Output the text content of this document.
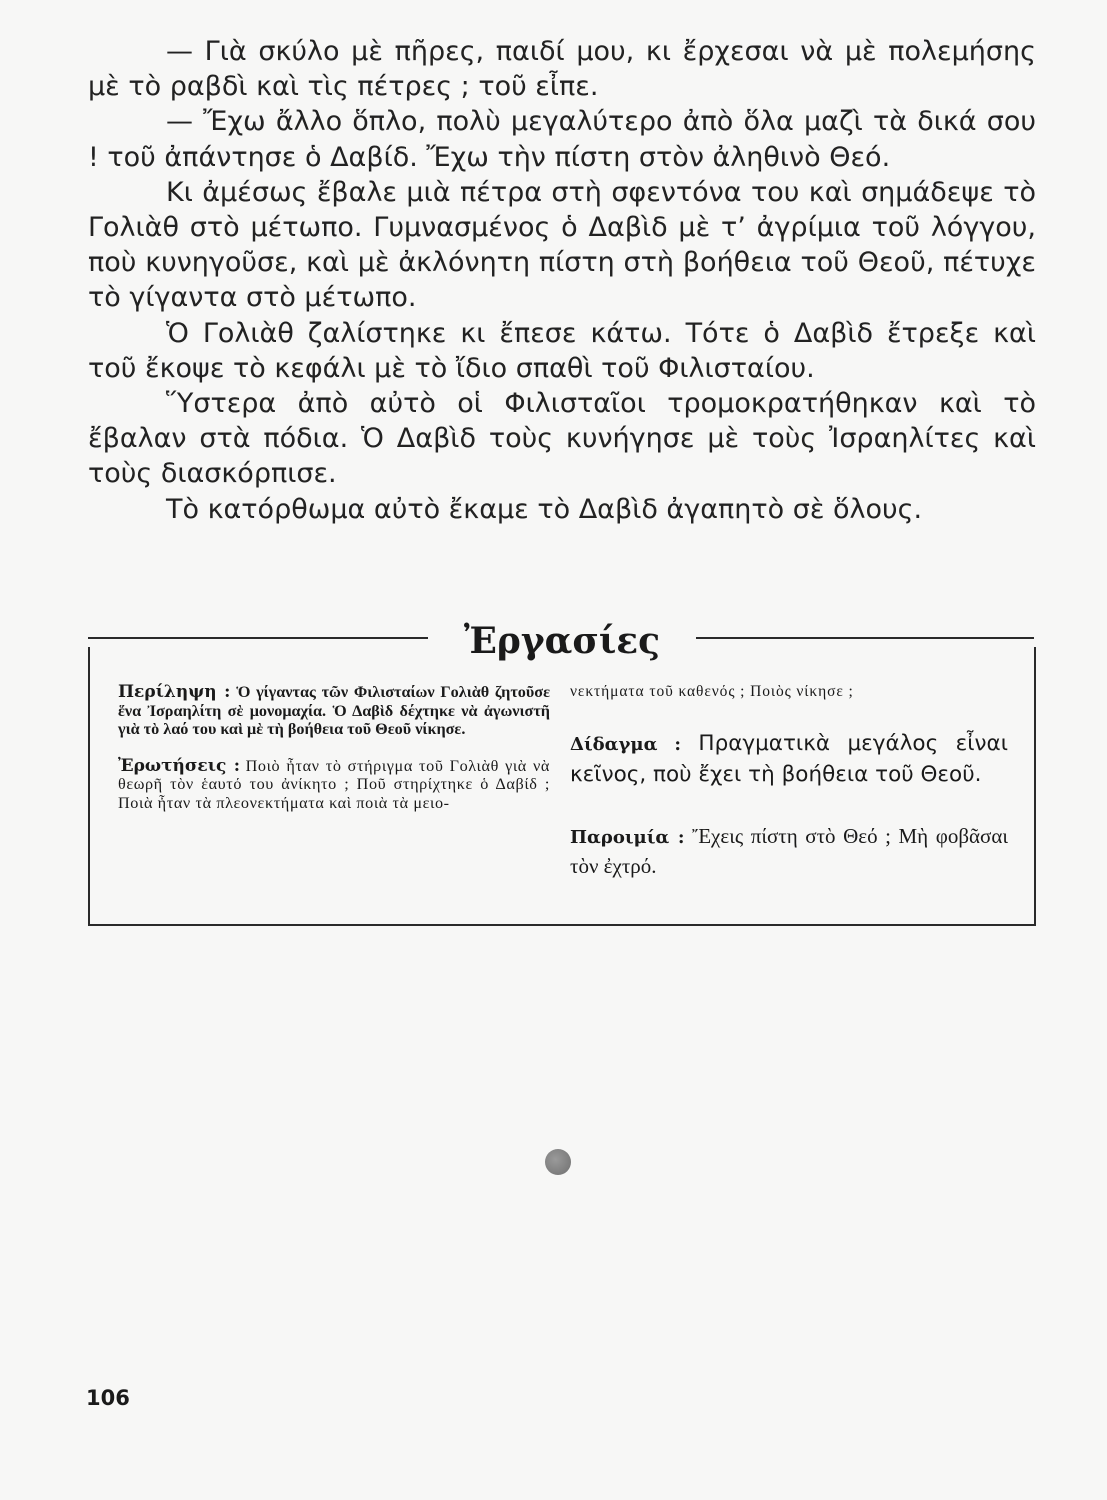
— Γιὰ σκύλο μὲ πῆρες, παιδί μου, κι ἔρχεσαι νὰ μὲ πολεμήσης μὲ τὸ ραβδὶ καὶ τὶς πέτρες ; τοῦ εἶπε.

— Ἔχω ἄλλο ὅπλο, πολὺ μεγαλύτερο ἀπὸ ὅλα μαζὶ τὰ δικά σου ! τοῦ ἀπάντησε ὁ Δαβίδ. Ἔχω τὴν πίστη στὸν ἀληθινὸ Θεό.

Κι ἀμέσως ἔβαλε μιὰ πέτρα στὴ σφεντόνα του καὶ σημάδεψε τὸ Γολιὰθ στὸ μέτωπο. Γυμνασμένος ὁ Δαβὶδ μὲ τ’ ἀγρίμια τοῦ λόγγου, ποὺ κυνηγοῦσε, καὶ μὲ ἀκλόνητη πίστη στὴ βοήθεια τοῦ Θεοῦ, πέτυχε τὸ γίγαντα στὸ μέτωπο.

Ὁ Γολιὰθ ζαλίστηκε κι ἔπεσε κάτω. Τότε ὁ Δαβὶδ ἔτρεξε καὶ τοῦ ἔκοψε τὸ κεφάλι μὲ τὸ ἴδιο σπαθὶ τοῦ Φιλισταίου.

Ὕστερα ἀπὸ αὐτὸ οἱ Φιλισταῖοι τρομοκρατήθηκαν καὶ τὸ ἔβαλαν στὰ πόδια. Ὁ Δαβὶδ τοὺς κυνήγησε μὲ τοὺς Ἰσραηλίτες καὶ τοὺς διασκόρπισε.

Τὸ κατόρθωμα αὐτὸ ἔκαμε τὸ Δαβὶδ ἀγαπητὸ σὲ ὅλους.

Περίληψη : Ὁ γίγαντας τῶν Φιλισταίων Γολιὰθ ζητοῦσε ἕνα Ἰσραηλίτη σὲ μονομαχία. Ὁ Δαβὶδ δέχτηκε νὰ ἀγωνιστῆ γιὰ τὸ λαό του καὶ μὲ τὴ βοήθεια τοῦ Θεοῦ νίκησε.

Ἐρωτήσεις : Ποιὸ ἦταν τὸ στήριγμα τοῦ Γολιὰθ γιὰ νὰ θεωρῆ τὸν ἑαυτό του ἀνίκητο ; Ποῦ στηρίχτηκε ὁ Δαβίδ ; Ποιὰ ἦταν τὰ πλεονεκτήματα καὶ ποιὰ τὰ μειο-

νεκτήματα τοῦ καθενός ; Ποιὸς νίκησε ;

Δίδαγμα : Πραγματικὰ μεγάλος εἶναι κεῖνος, ποὺ ἔχει τὴ βοήθεια τοῦ Θεοῦ.

Παροιμία : Ἔχεις πίστη στὸ Θεό ; Μὴ φοβᾶσαι τὸν ἐχτρό.

Ἐργασίες
106
